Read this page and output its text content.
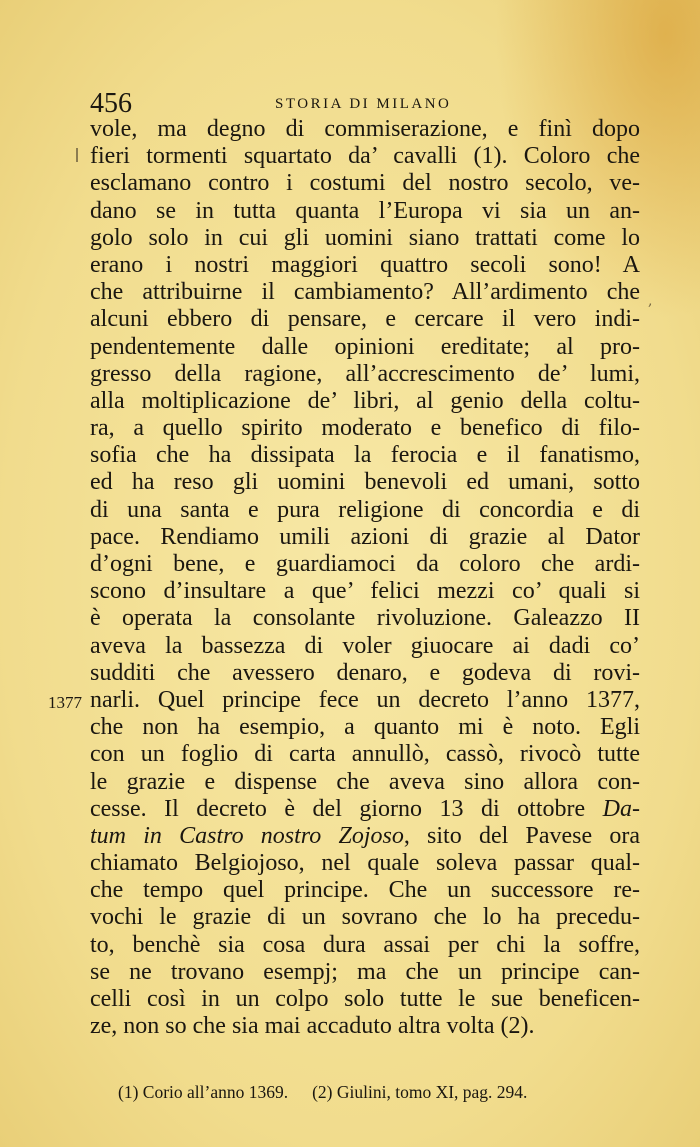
456	STORIA DI MILANO
,
vole, ma degno di commiserazione, e finì dopo
fieri tormenti squartato da’ cavalli (1). Coloro che
esclamano contro i costumi del nostro secolo, ve-
dano se in tutta quanta l’Europa vi sia un an-
golo solo in cui gli uomini siano trattati come lo
erano i nostri maggiori quattro secoli sono! A
che attribuirne il cambiamento? All’ardimento che
alcuni ebbero di pensare, e cercare il vero indi-
pendentemente dalle opinioni ereditate; al pro-
gresso della ragione, all’accrescimento de’ lumi,
alla moltiplicazione de’ libri, al genio della coltu-
ra, a quello spirito moderato e benefico di filo-
sofia che ha dissipata la ferocia e il fanatismo,
ed ha reso gli uomini benevoli ed umani, sotto
di una santa e pura religione di concordia e di
pace. Rendiamo umili azioni di grazie al Dator
d’ogni bene, e guardiamoci da coloro che ardi-
scono d’insultare a que’ felici mezzi co’ quali si
è operata la consolante rivoluzione. Galeazzo II
aveva la bassezza di voler giuocare ai dadi co’
sudditi che avessero denaro, e godeva di rovi-
narli. Quel principe fece un decreto l’anno 1377,
che non ha esempio, a quanto mi è noto. Egli
con un foglio di carta annullò, cassò, rivocò tutte
le grazie e dispense che aveva sino allora con-
cesse. Il decreto è del giorno 13 di ottobre Da-
tum in Castro nostro Zojoso, sito del Pavese ora
chiamato Belgiojoso, nel quale soleva passar qual-
che tempo quel principe. Che un successore re-
vochi le grazie di un sovrano che lo ha precedu-
to, benchè sia cosa dura assai per chi la soffre,
se ne trovano esempj; ma che un principe can-
celli così in un colpo solo tutte le sue beneficen-
ze, non so che sia mai accaduto altra volta (2).
1377
(1) Corio all’anno 1369. (2) Giulini, tomo XI, pag. 294.
